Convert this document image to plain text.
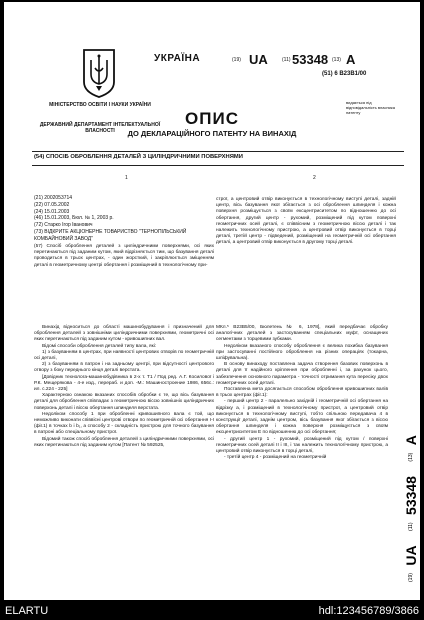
МІНІСТЕРСТВО ОСВІТИ І НАУКИ УКРАЇНИ
ДЕРЖАВНИЙ ДЕПАРТАМЕНТ ІНТЕЛЕКТУАЛЬНОЇ ВЛАСНОСТІ
УКРАЇНА	(19) UA	(11) 53348 (13) A
(51) 6 B23B1/00
видається під відповідальність власника патенту
ОПИС
ДО ДЕКЛАРАЦІЙНОГО ПАТЕНТУ НА ВИНАХІД
(54) СПОСІБ ОБРОБЛЕННЯ ДЕТАЛЕЙ З ЦИЛІНДРИЧНИМИ ПОВЕРХНЯМИ
1	2
(21) 2002053714
(22) 07.05.2002
(24) 15.01.2003
(46) 15.01.2003, Бюл. № 1, 2003 р.
(72) Старко Ігор Іванович
(73) ВІДКРИТЕ АКЦІОНЕРНЕ ТОВАРИСТВО "ТЕРНОПІЛЬСЬКИЙ КОМБАЙНОВИЙ ЗАВОД"
(57) Спосіб оброблення деталей з циліндричними поверхнями, осі яких перетинаються під заданим кутом, який відрізняється тим, що базування деталі проводиться в трьох центрах, - один жорсткий, і закріплюється зміщенням деталі в геометричному центрі обертання і розміщений в технологічному при-
строї, а центровий отвір виконується в технологічному виступі деталі, задній центр, вісь базування якої збігається з осі оброблення шпинделя і кожна поверхня розміщується з своїм ексцентриситетом по відношенню до осі обертання, другий центр - рухомий, розміщений під кутом поверхні геометричних осей деталі, є співвісним з геометричною віссю деталі і так належить технологічному пристрою, а центровий отвір виконується в торці деталі, третій центр - підведений, розміщений на геометричній осі обертання деталі, а центровий отвір виконується в другому торці деталі.
Винахід відноситься до області машинобудування і призначений для оброблення деталей з зовнішніми циліндричними поверхнями, геометричні осі яких перетинаються під заданим кутом - кривошипних вал.
Відомі способи оброблення деталей типу вала, які:
1) з базуванням в центрах, при наявності центрових отворів по геометричній осі деталі,
2) з базуванням в патрон і на задньому центрі, при відсутності центрового отвору з боку переднього кінця деталі верстата.
[Довідник технолога-машинобудівника в 2-х т. Т1 / Под ред. А.Г. Косилової і Р.К. Мещерякова - 4-е изд., перераб. и доп. -М.: Машиностроение 1986, 656с.: ил. с.224 - 225]
Характерною ознакою вказаних способів обробки є те, що вісь базування деталі для оброблення співпадає з геометричною віссю зовнішніх циліндричних поверхонь деталі і віссю обертання шпинделя верстата.
Недоліком способу 1 при обробленні кривошипного вала є той, що неможливо виконати співвісні центрові отвори по геометричній осі обертання І-І (фіг.1) в точках b і b₁, а способу 2 - складність пристрою для точного базування в патроні або спеціальному пристрої.
Відомий також спосіб оброблення деталей з циліндричними поверхнями, осі яких перетинаються під заданим кутом [Патент № 592525,
МКл.⁵ B23B5/00, Бюлетень № 6, 1978], який передбачає обробку аналогічних деталей з застосуванням спеціальних муфт, оснащених сегментами з торцевими зубками.
Недоліком вказаного способу оброблення є велика похибка базування при застосуванні постійного оброблення на різних операціях (токарна, шліфувальна).
В основу винаходу поставлена задача створення базових поверхонь в деталі для її надійного кріплення при обробленні і, за рахунок цього, забезпечення основного параметра - точності отримання кута пересіку двох геометричних осей деталі.
Поставлена мета досягається способом оброблення кривошипних валів в трьох центрах (фіг.1):
- перший центр 2 - паралельно західній і геометричній осі обертання на відрізку а, і розміщений в технологічному пристрої, а центровий отвір виконується в технологічному виступі, тобто спільною передавача 4 в конструкції деталі, заднім центром, вісь базування якої збігається з віссю обертання шпинделя і кожна поверхня розміщується з своїм ексцентриситетом Е по відношенню до осі обертання;
- другий центр 1 - рухомий, розміщений під кутом / поверхні геометричних осей деталі ІІ і ІІІ, і так належить технологічному пристрою, а центровий отвір виконується в торці деталі,
- третій центр 4 - розміщений на геометричній
(19) UA (11) 53348 (13) A
ELARTU	hdl:123456789/3866
